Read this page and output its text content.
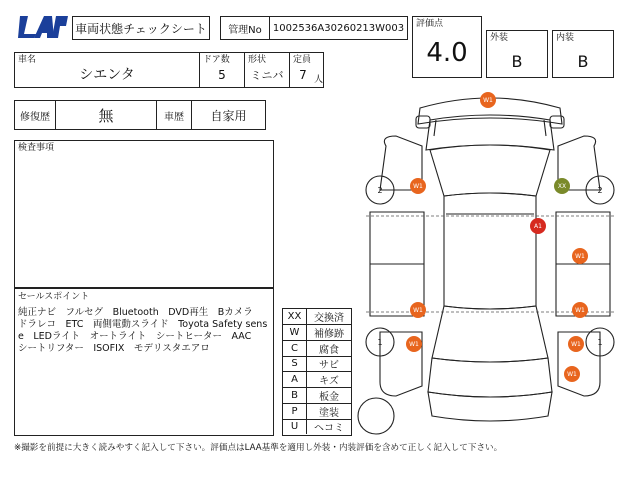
車両状態チェックシート	管理No	1002536A30260213W003	評価点
4.0	外装
B
内装
B
車名
シエンタ
ドア数
5
形状
ミニバ
定員
7 人
修復歴	無	車歴	自家用
検査事項
セールスポイント
純正ナビ　フルセグ　Bluetooth　DVD再生　Bカメラ　ドラレコ　ETC　両側電動スライド　Toyota Safety sense　LEDライト　オートライト　シートヒーター　AAC　シートリフター　ISOFIX　モデリスタエアロ
XX	交換済
W	補修跡
C	腐食
S	サビ
A	キズ
B	板金
P	塗装
U	ヘコミ
2	2
1	1
W1
W1	XX
A1
W1
W1	W1
W1	W1
W1
※撮影を前提に大きく読みやすく記入して下さい。評価点はLAA基準を適用し外装・内装評価を含めて正しく記入して下さい。
